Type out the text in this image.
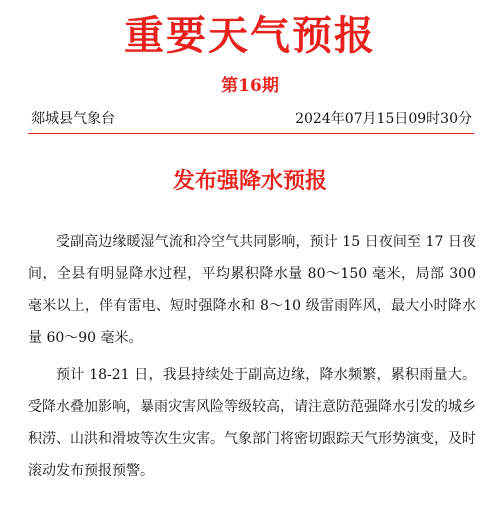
重要天气预报
第16期
郯城县气象台	2024年07月15日09时30分
发布强降水预报

受副高边缘暖湿气流和冷空气共同影响，预计 15 日夜间至 17 日夜间，全县有明显降水过程，平均累积降水量 80～150 毫米，局部 300 毫米以上，伴有雷电、短时强降水和 8～10 级雷雨阵风，最大小时降水量 60～90 毫米。

预计 18-21 日，我县持续处于副高边缘，降水频繁，累积雨量大。受降水叠加影响，暴雨灾害风险等级较高，请注意防范强降水引发的城乡积涝、山洪和滑坡等次生灾害。气象部门将密切跟踪天气形势演变，及时滚动发布预报预警。
